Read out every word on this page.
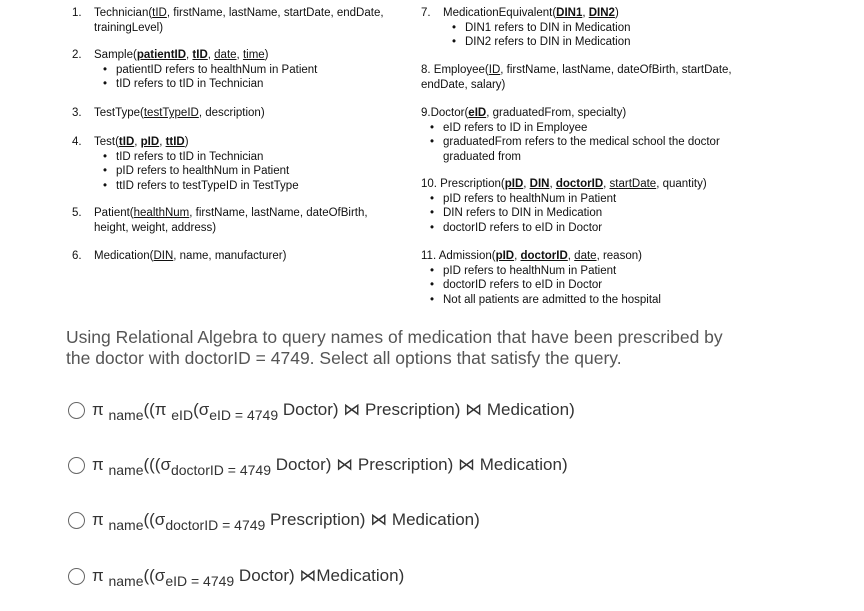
1. Technician(tID, firstName, lastName, startDate, endDate, trainingLevel)
2. Sample(patientID, tID, date, time)
• patientID refers to healthNum in Patient
• tID refers to tID in Technician
3. TestType(testTypeID, description)
4. Test(tID, pID, ttID)
• tID refers to tID in Technician
• pID refers to healthNum in Patient
• ttID refers to testTypeID in TestType
5. Patient(healthNum, firstName, lastName, dateOfBirth, height, weight, address)
6. Medication(DIN, name, manufacturer)
7. MedicationEquivalent(DIN1, DIN2)
• DIN1 refers to DIN in Medication
• DIN2 refers to DIN in Medication
8. Employee(ID, firstName, lastName, dateOfBirth, startDate, endDate, salary)
9.Doctor(eID, graduatedFrom, specialty)
• eID refers to ID in Employee
• graduatedFrom refers to the medical school the doctor graduated from
10. Prescription(pID, DIN, doctorID, startDate, quantity)
• pID refers to healthNum in Patient
• DIN refers to DIN in Medication
• doctorID refers to eID in Doctor
11. Admission(pID, doctorID, date, reason)
• pID refers to healthNum in Patient
• doctorID refers to eID in Doctor
• Not all patients are admitted to the hospital
Using Relational Algebra to query names of medication that have been prescribed by the doctor with doctorID = 4749. Select all options that satisfy the query.
π $_{name}$((π $_{eID}(\sigma_{eID = 4749}$ Doctor) ⋈ Prescription) ⋈ Medication)
π $_{name}(((\sigma_{doctorID = 4749}$ Doctor) ⋈ Prescription) ⋈ Medication)
π $_{name}((\sigma_{doctorID = 4749}$ Prescription) ⋈ Medication)
π $_{name}((\sigma_{eID = 4749}$ Doctor) ⋈Medication)
